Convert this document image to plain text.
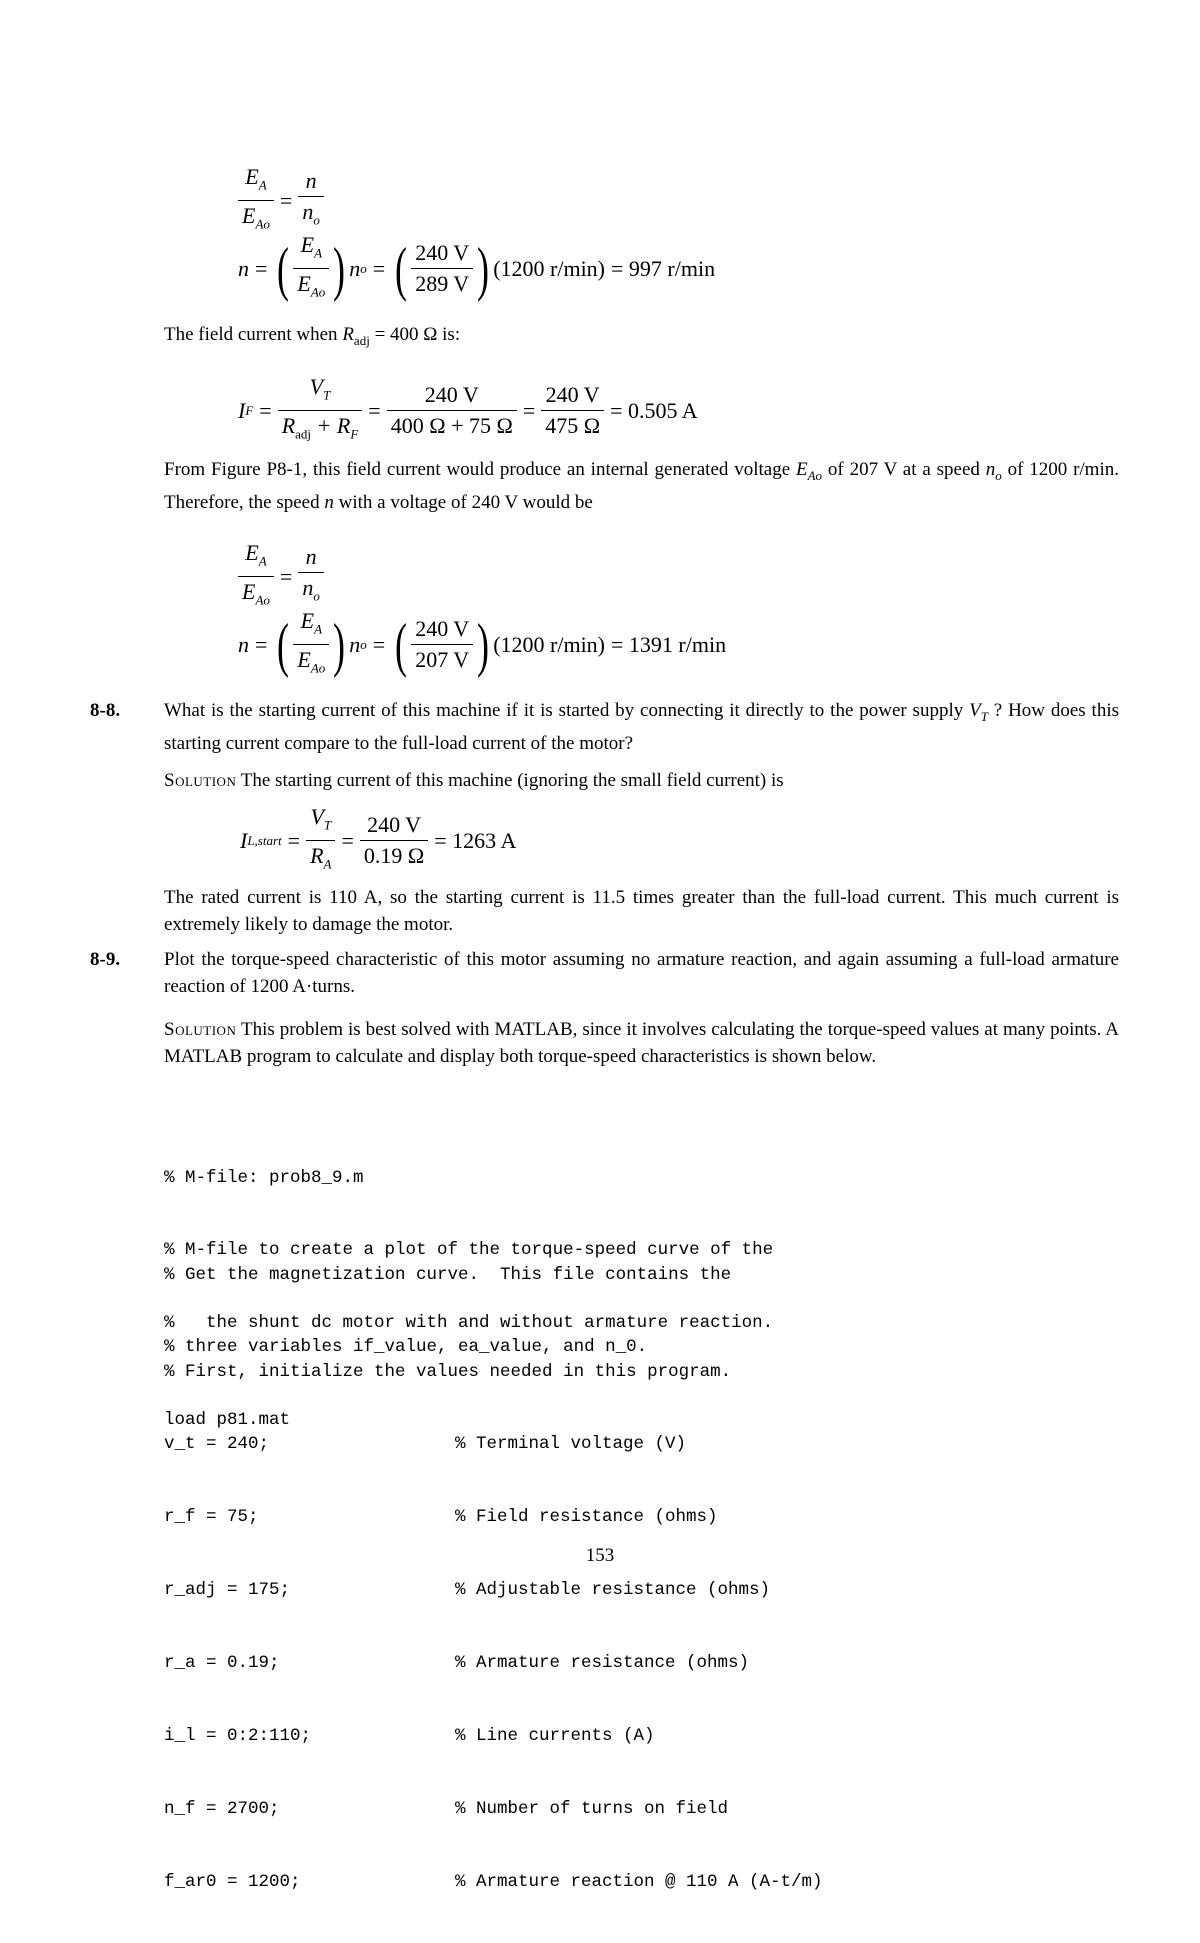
$\frac{E_A}{E_{Ao}} = \frac{n}{n_o}$
n = ( $\frac{E_A}{E_{Ao}}$ ) n o = ( $\frac{240 V}{289 V}$ ) (1200 r/min) = 997 r/min
The field current when $R_{adj} = 400$ Ω is:
I $F = \frac{V_T}{R_{adj} + R_F} = \frac{240 V}{400 \Omega + 75 \Omega} = \frac{240 V}{475 \Omega} = 0.505$ A
From Figure P8-1, this field current would produce an internal generated voltage $E_{Ao}$ of 207 V at a speed $n_o$ of 1200 r/min. Therefore, the speed n with a voltage of 240 V would be
$\frac{E_A}{E_{Ao}} = \frac{n}{n_o}$
n = ( $\frac{E_A}{E_{Ao}}$ ) n o = ( $\frac{240 V}{207 V}$ ) (1200 r/min) = 1391 r/min
8-8. What is the starting current of this machine if it is started by connecting it directly to the power supply $V_T$ ? How does this starting current compare to the full-load current of the motor?
Solution The starting current of this machine (ignoring the small field current) is
I L,start = $\frac{V_T}{R_A} = \frac{240 V}{0.19 \Omega} = 1263$ A
The rated current is 110 A, so the starting current is 11.5 times greater than the full-load current. This much current is extremely likely to damage the motor.
8-9. Plot the torque-speed characteristic of this motor assuming no armature reaction, and again assuming a full-load armature reaction of 1200 A·turns.
Solution This problem is best solved with MATLAB, since it involves calculating the torque-speed values at many points. A MATLAB program to calculate and display both torque-speed characteristics is shown below.

% M-file: prob8_9.m

% M-file to create a plot of the torque-speed curve of the

%   the shunt dc motor with and without armature reaction.

% Get the magnetization curve.  This file contains the

% three variables if_value, ea_value, and n_0.

load p81.mat

% First, initialize the values needed in this program.

v_t = 240;	% Terminal voltage (V)

r_f = 75;	% Field resistance (ohms)

r_adj = 175;	% Adjustable resistance (ohms)

r_a = 0.19;	% Armature resistance (ohms)

i_l = 0:2:110;	% Line currents (A)

n_f = 2700;	% Number of turns on field

f_ar0 = 1200;	% Armature reaction @ 110 A (A-t/m)

153
